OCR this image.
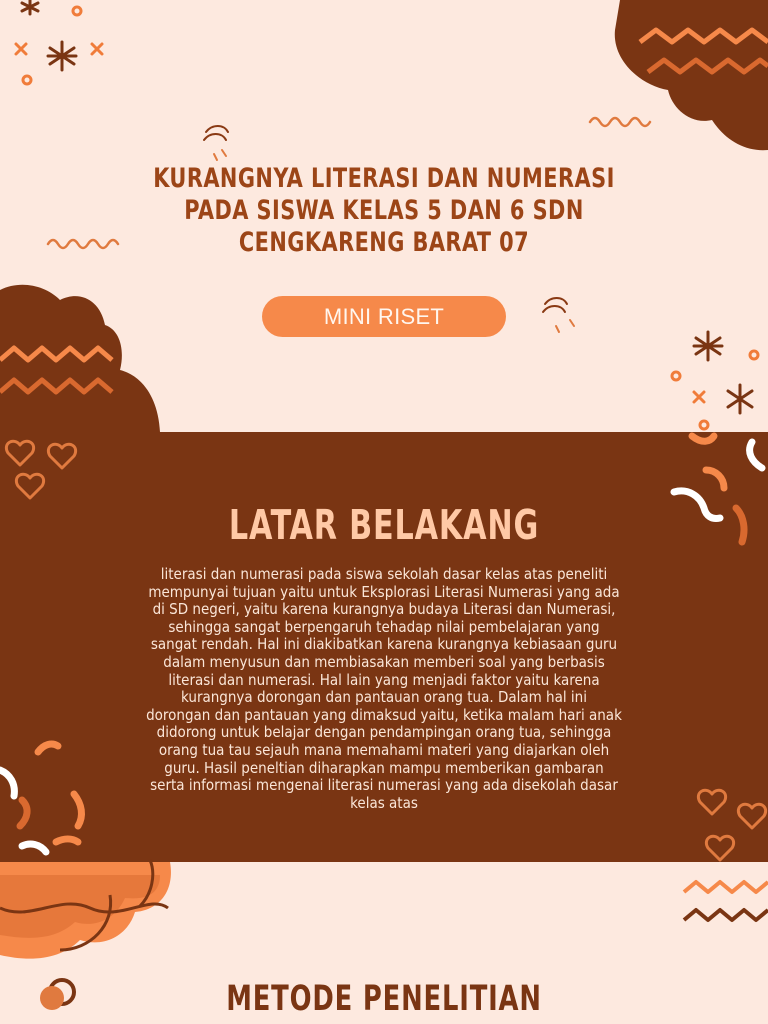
KURANGNYA LITERASI DAN NUMERASI
PADA SISWA KELAS 5 DAN 6 SDN
CENGKARENG BARAT 07
MINI RISET
LATAR BELAKANG
literasi dan numerasi pada siswa sekolah dasar kelas atas peneliti
mempunyai tujuan yaitu untuk Eksplorasi Literasi Numerasi yang ada
di SD negeri, yaitu karena kurangnya budaya Literasi dan Numerasi,
sehingga sangat berpengaruh tehadap nilai pembelajaran yang
sangat rendah. Hal ini diakibatkan karena kurangnya kebiasaan guru
dalam menyusun dan membiasakan memberi soal yang berbasis
literasi dan numerasi. Hal lain yang menjadi faktor yaitu karena
kurangnya dorongan dan pantauan orang tua. Dalam hal ini
dorongan dan pantauan yang dimaksud yaitu, ketika malam hari anak
didorong untuk belajar dengan pendampingan orang tua, sehingga
orang tua tau sejauh mana memahami materi yang diajarkan oleh
guru. Hasil peneltian diharapkan mampu memberikan gambaran
serta informasi mengenai literasi numerasi yang ada disekolah dasar
kelas atas
METODE PENELITIAN
